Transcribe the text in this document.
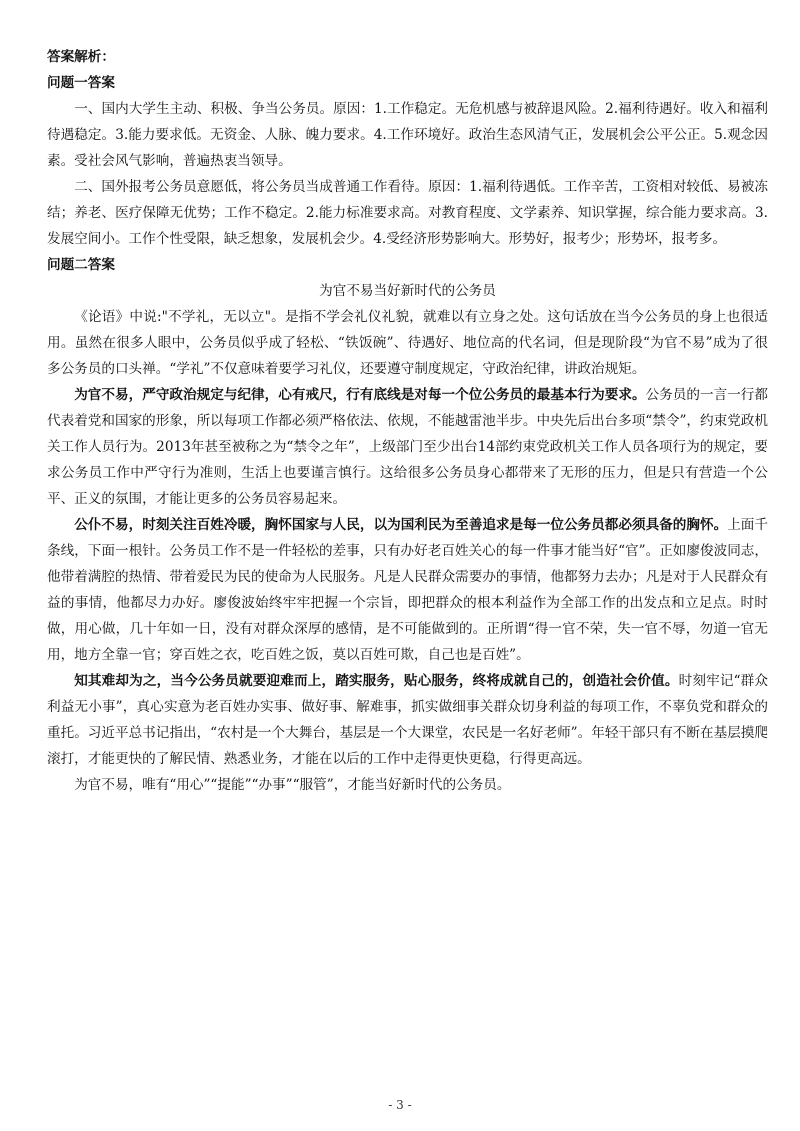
答案解析：
问题一答案

一、国内大学生主动、积极、争当公务员。原因：1.工作稳定。无危机感与被辞退风险。2.福利待遇好。收入和福利待遇稳定。3.能力要求低。无资金、人脉、魄力要求。4.工作环境好。政治生态风清气正，发展机会公平公正。5.观念因素。受社会风气影响，普遍热衷当领导。

二、国外报考公务员意愿低，将公务员当成普通工作看待。原因：1.福利待遇低。工作辛苦，工资相对较低、易被冻结；养老、医疗保障无优势；工作不稳定。2.能力标准要求高。对教育程度、文学素养、知识掌握，综合能力要求高。3.发展空间小。工作个性受限，缺乏想象，发展机会少。4.受经济形势影响大。形势好，报考少；形势坏，报考多。

问题二答案

为官不易当好新时代的公务员

《论语》中说:"不学礼，无以立"。是指不学会礼仪礼貌，就难以有立身之处。这句话放在当今公务员的身上也很适用。虽然在很多人眼中，公务员似乎成了轻松、“铁饭碗”、待遇好、地位高的代名词，但是现阶段“为官不易”成为了很多公务员的口头禅。“学礼”不仅意味着要学习礼仪，还要遵守制度规定，守政治纪律，讲政治规矩。

为官不易，严守政治规定与纪律，心有戒尺，行有底线是对每一个位公务员的最基本行为要求。公务员的一言一行都代表着党和国家的形象，所以每项工作都必须严格依法、依规，不能越雷池半步。中央先后出台多项“禁令”，约束党政机关工作人员行为。2013年甚至被称之为“禁令之年”，上级部门至少出台14部约束党政机关工作人员各项行为的规定，要求公务员工作中严守行为准则，生活上也要谨言慎行。这给很多公务员身心都带来了无形的压力，但是只有营造一个公平、正义的氛围，才能让更多的公务员容易起来。

公仆不易，时刻关注百姓冷暖，胸怀国家与人民，以为国利民为至善追求是每一位公务员都必须具备的胸怀。上面千条线，下面一根针。公务员工作不是一件轻松的差事，只有办好老百姓关心的每一件事才能当好“官”。正如廖俊波同志，他带着满腔的热情、带着爱民为民的使命为人民服务。凡是人民群众需要办的事情，他都努力去办；凡是对于人民群众有益的事情，他都尽力办好。廖俊波始终牢牢把握一个宗旨，即把群众的根本利益作为全部工作的出发点和立足点。时时做，用心做，几十年如一日，没有对群众深厚的感情，是不可能做到的。正所谓“得一官不荣，失一官不辱，勿道一官无用，地方全靠一官；穿百姓之衣，吃百姓之饭，莫以百姓可欺，自己也是百姓”。

知其难却为之，当今公务员就要迎难而上，踏实服务，贴心服务，终将成就自己的，创造社会价值。时刻牢记“群众利益无小事”，真心实意为老百姓办实事、做好事、解难事，抓实做细事关群众切身利益的每项工作，不辜负党和群众的重托。习近平总书记指出，“农村是一个大舞台，基层是一个大课堂，农民是一名好老师”。年轻干部只有不断在基层摸爬滚打，才能更快的了解民情、熟悉业务，才能在以后的工作中走得更快更稳，行得更高远。

为官不易，唯有“用心”“提能”“办事”“服管”，才能当好新时代的公务员。

- 3 -
